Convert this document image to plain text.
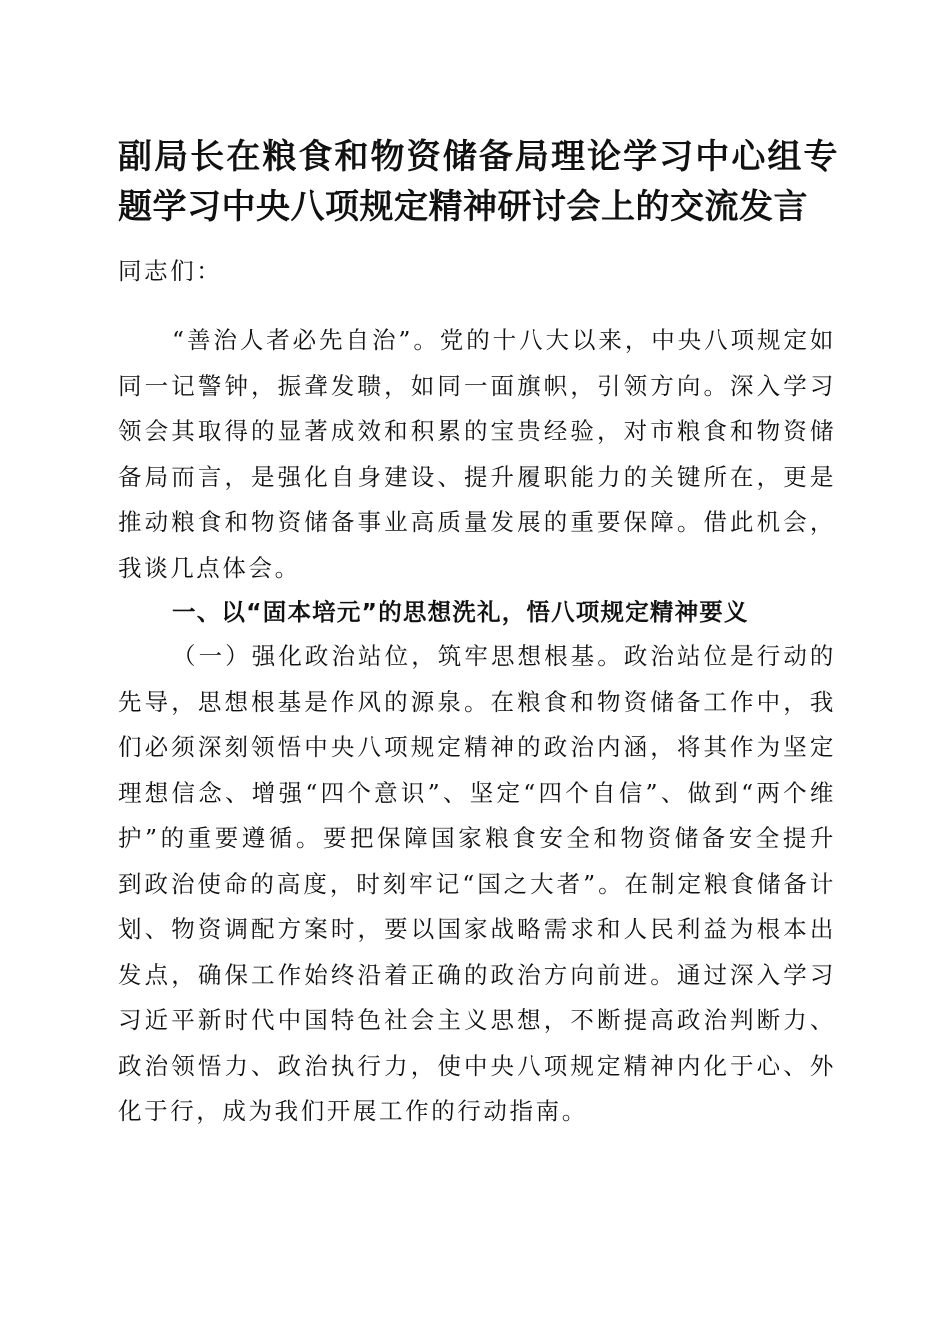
副局长在粮食和物资储备局理论学习中心组专题学习中央八项规定精神研讨会上的交流发言

同志们：

“善治人者必先自治”。党的十八大以来，中央八项规定如同一记警钟，振聋发聩，如同一面旗帜，引领方向。深入学习领会其取得的显著成效和积累的宝贵经验，对市粮食和物资储备局而言，是强化自身建设、提升履职能力的关键所在，更是推动粮食和物资储备事业高质量发展的重要保障。借此机会，我谈几点体会。

一、以“固本培元”的思想洗礼，悟八项规定精神要义

（一）强化政治站位，筑牢思想根基。政治站位是行动的先导，思想根基是作风的源泉。在粮食和物资储备工作中，我们必须深刻领悟中央八项规定精神的政治内涵，将其作为坚定理想信念、增强“四个意识”、坚定“四个自信”、做到“两个维护”的重要遵循。要把保障国家粮食安全和物资储备安全提升到政治使命的高度，时刻牢记“国之大者”。在制定粮食储备计划、物资调配方案时，要以国家战略需求和人民利益为根本出发点，确保工作始终沿着正确的政治方向前进。通过深入学习习近平新时代中国特色社会主义思想，不断提高政治判断力、政治领悟力、政治执行力，使中央八项规定精神内化于心、外化于行，成为我们开展工作的行动指南。
